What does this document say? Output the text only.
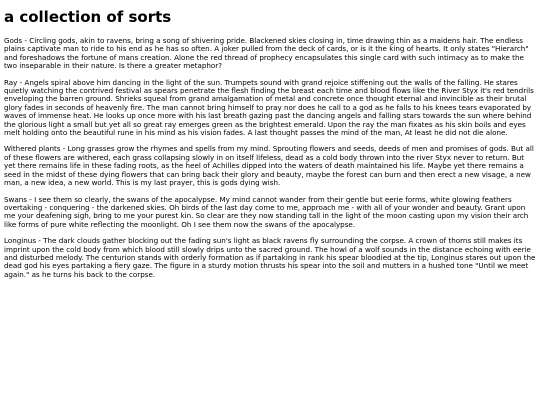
a collection of sorts

Gods - Circling gods, akin to ravens, bring a song of shivering pride. Blackened skies closing in, time drawing thin as a maidens hair. The endless plains captivate man to ride to his end as he has so often. A joker pulled from the deck of cards, or is it the king of hearts. It only states "Hierarch" and foreshadows the fortune of mans creation. Alone the red thread of prophecy encapsulates this single card with such intimacy as to make the two inseparable in their nature. Is there a greater metaphor?

Ray - Angels spiral above him dancing in the light of the sun. Trumpets sound with grand rejoice stiffening out the walls of the falling. He stares quietly watching the contrived festival as spears penetrate the flesh finding the breast each time and blood flows like the River Styx it's red tendrils enveloping the barren ground. Shrieks squeal from grand amalgamation of metal and concrete once thought eternal and invincible as their brutal glory fades in seconds of heavenly fire. The man cannot bring himself to pray nor does he call to a god as he falls to his knees tears evaporated by waves of immense heat. He looks up once more with his last breath gazing past the dancing angels and falling stars towards the sun where behind the glorious light a small but yet all so great ray emerges green as the brightest emerald. Upon the ray the man fixates as his skin boils and eyes melt holding onto the beautiful rune in his mind as his vision fades. A last thought passes the mind of the man, At least he did not die alone.

Withered plants - Long grasses grow the rhymes and spells from my mind. Sprouting flowers and seeds, deeds of men and promises of gods. But all of these flowers are withered, each grass collapsing slowly in on itself lifeless, dead as a cold body thrown into the river Styx never to return. But yet there remains life in these fading roots, as the heel of Achilles dipped into the waters of death maintained his life. Maybe yet there remains a seed in the midst of these dying flowers that can bring back their glory and beauty, maybe the forest can burn and then erect a new visage, a new man, a new idea, a new world. This is my last prayer, this is gods dying wish.

Swans - I see them so clearly, the swans of the apocalypse. My mind cannot wander from their gentle but eerie forms, white glowing feathers overtaking - conquering - the darkened skies. Oh birds of the last day come to me, approach me - with all of your wonder and beauty. Grant upon me your deafening sigh, bring to me your purest kin. So clear are they now standing tall in the light of the moon casting upon my vision their arch like forms of pure white reflecting the moonlight. Oh I see them now the swans of the apocalypse.

Longinus - The dark clouds gather blocking out the fading sun's light as black ravens fly surrounding the corpse. A crown of thorns still makes its imprint upon the cold body from which blood still slowly drips unto the sacred ground. The howl of a wolf sounds in the distance echoing with eerie and disturbed melody. The centurion stands with orderly formation as if partaking in rank his spear bloodied at the tip, Longinus stares out upon the dead god his eyes partaking a fiery gaze. The figure in a sturdy motion thrusts his spear into the soil and mutters in a hushed tone "Until we meet again." as he turns his back to the corpse.
